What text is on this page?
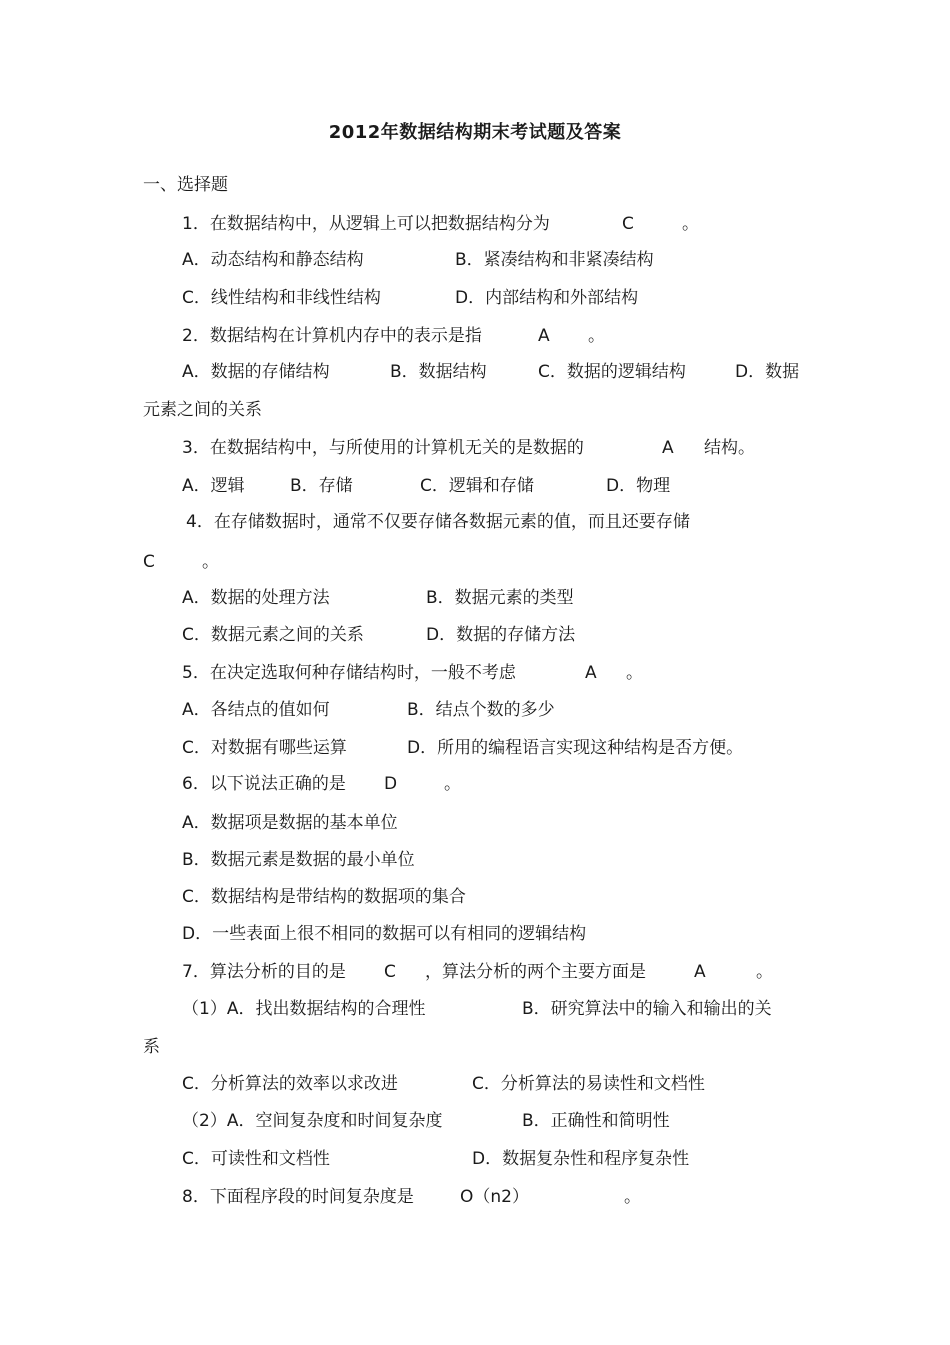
2012年数据结构期末考试题及答案
一、选择题
1．在数据结构中，从逻辑上可以把数据结构分为	C	。
A．动态结构和静态结构	B．紧凑结构和非紧凑结构
C．线性结构和非线性结构	D．内部结构和外部结构
2．数据结构在计算机内存中的表示是指	A 。
A．数据的存储结构	B．数据结构	C．数据的逻辑结构	D．数据
元素之间的关系
3．在数据结构中，与所使用的计算机无关的是数据的	A 结构。
A．逻辑	B．存储	C．逻辑和存储	D．物理
4．在存储数据时，通常不仅要存储各数据元素的值，而且还要存储
C	。
A．数据的处理方法	B．数据元素的类型
C．数据元素之间的关系	D．数据的存储方法
5．在决定选取何种存储结构时，一般不考虑	A 。
A．各结点的值如何	B．结点个数的多少
C．对数据有哪些运算	D．所用的编程语言实现这种结构是否方便。
6．以下说法正确的是 D	。
A．数据项是数据的基本单位
B．数据元素是数据的最小单位
C．数据结构是带结构的数据项的集合
D．一些表面上很不相同的数据可以有相同的逻辑结构
7．算法分析的目的是 C ，算法分析的两个主要方面是	A	。
（1）A．找出数据结构的合理性	B．研究算法中的输入和输出的关
系
C．分析算法的效率以求改进	C．分析算法的易读性和文档性
（2）A．空间复杂度和时间复杂度	B．正确性和简明性
C．可读性和文档性	D．数据复杂性和程序复杂性
8．下面程序段的时间复杂度是	O（n2）	。
